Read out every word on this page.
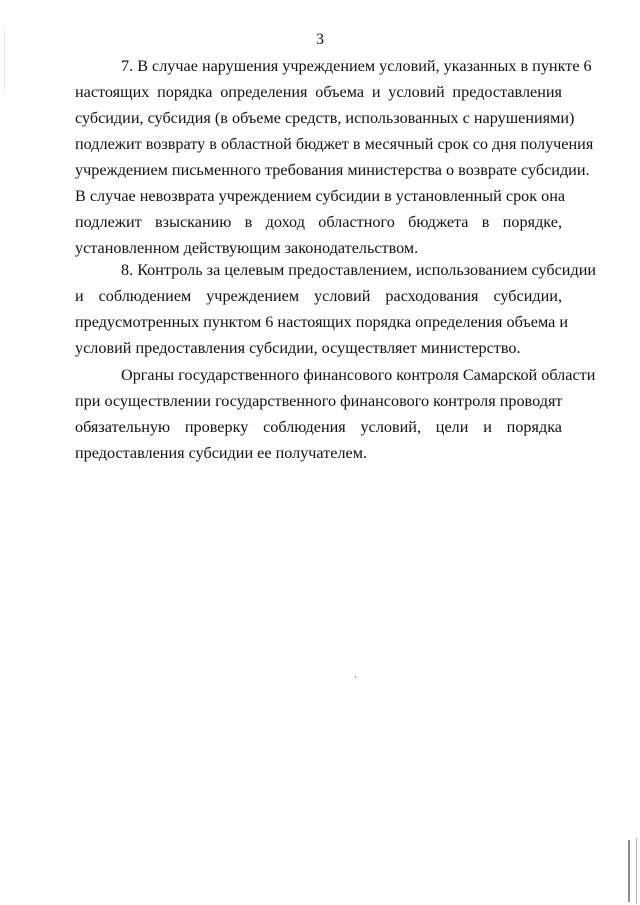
3
7. В случае нарушения учреждением условий, указанных в пункте 6
настоящих порядка определения объема и условий предоставления
субсидии, субсидия (в объеме средств, использованных с нарушениями)
подлежит возврату в областной бюджет в месячный срок со дня получения
учреждением письменного требования министерства о возврате субсидии.
В случае невозврата учреждением субсидии в установленный срок она
подлежит взысканию в доход областного бюджета в порядке,
установленном действующим законодательством.
8. Контроль за целевым предоставлением, использованием субсидии
и соблюдением учреждением условий расходования субсидии,
предусмотренных пунктом 6 настоящих порядка определения объема и
условий предоставления субсидии, осуществляет министерство.
Органы государственного финансового контроля Самарской области
при осуществлении государственного финансового контроля проводят
обязательную проверку соблюдения условий, цели и порядка
предоставления субсидии ее получателем.
